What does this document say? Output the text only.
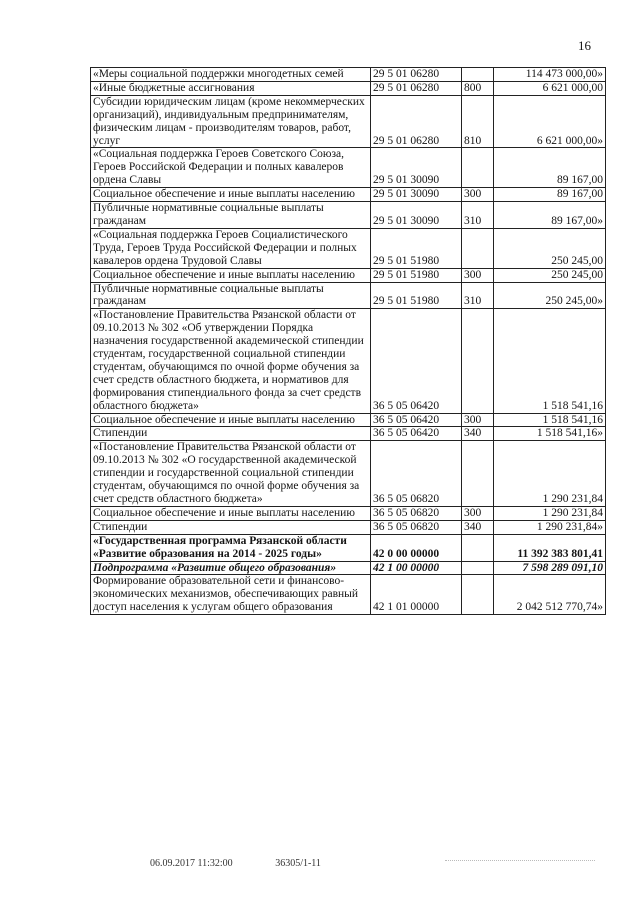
16
«Меры социальной поддержки многодетных семей	29 5 01 06280		114 473 000,00»
«Иные бюджетные ассигнования	29 5 01 06280	800	6 621 000,00
Субсидии юридическим лицам (кроме некоммерческих организаций), индивидуальным предпринимателям, физическим лицам - производителям товаров, работ, услуг	29 5 01 06280	810	6 621 000,00»
«Социальная поддержка Героев Советского Союза, Героев Российской Федерации и полных кавалеров ордена Славы	29 5 01 30090		89 167,00
Социальное обеспечение и иные выплаты населению	29 5 01 30090	300	89 167,00
Публичные нормативные социальные выплаты гражданам	29 5 01 30090	310	89 167,00»
«Социальная поддержка Героев Социалистического Труда, Героев Труда Российской Федерации и полных кавалеров ордена Трудовой Славы	29 5 01 51980		250 245,00
Социальное обеспечение и иные выплаты населению	29 5 01 51980	300	250 245,00
Публичные нормативные социальные выплаты гражданам	29 5 01 51980	310	250 245,00»
«Постановление Правительства Рязанской области от 09.10.2013 № 302 «Об утверждении Порядка назначения государственной академической стипендии студентам, государственной социальной стипендии студентам, обучающимся по очной форме обучения за счет средств областного бюджета, и нормативов для формирования стипендиального фонда за счет средств областного бюджета»	36 5 05 06420		1 518 541,16
Социальное обеспечение и иные выплаты населению	36 5 05 06420	300	1 518 541,16
Стипендии	36 5 05 06420	340	1 518 541,16»
«Постановление Правительства Рязанской области от 09.10.2013 № 302 «О государственной академической стипендии и государственной социальной стипендии студентам, обучающимся по очной форме обучения за счет средств областного бюджета»	36 5 05 06820		1 290 231,84
Социальное обеспечение и иные выплаты населению	36 5 05 06820	300	1 290 231,84
Стипендии	36 5 05 06820	340	1 290 231,84»
«Государственная программа Рязанской области «Развитие образования на 2014 - 2025 годы»	42 0 00 00000		11 392 383 801,41
Подпрограмма «Развитие общего образования»	42 1 00 00000		7 598 289 091,10
Формирование образовательной сети и финансово-экономических механизмов, обеспечивающих равный доступ населения к услугам общего образования	42 1 01 00000		2 042 512 770,74»
06.09.2017 11:32:00	36305/1-11
